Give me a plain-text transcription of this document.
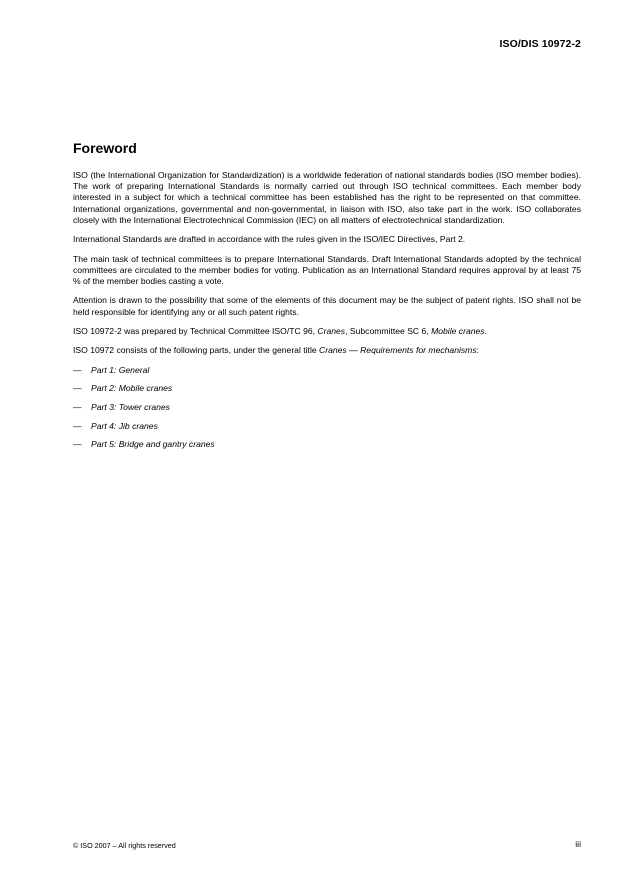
ISO/DIS 10972-2
Foreword

ISO (the International Organization for Standardization) is a worldwide federation of national standards bodies (ISO member bodies). The work of preparing International Standards is normally carried out through ISO technical committees. Each member body interested in a subject for which a technical committee has been established has the right to be represented on that committee. International organizations, governmental and non-governmental, in liaison with ISO, also take part in the work. ISO collaborates closely with the International Electrotechnical Commission (IEC) on all matters of electrotechnical standardization.

International Standards are drafted in accordance with the rules given in the ISO/IEC Directives, Part 2.

The main task of technical committees is to prepare International Standards. Draft International Standards adopted by the technical committees are circulated to the member bodies for voting. Publication as an International Standard requires approval by at least 75 % of the member bodies casting a vote.

Attention is drawn to the possibility that some of the elements of this document may be the subject of patent rights. ISO shall not be held responsible for identifying any or all such patent rights.

ISO 10972-2 was prepared by Technical Committee ISO/TC 96, Cranes, Subcommittee SC 6, Mobile cranes.

ISO 10972 consists of the following parts, under the general title Cranes — Requirements for mechanisms:

—	Part 1: General
—	Part 2: Mobile cranes
—	Part 3: Tower cranes
—	Part 4: Jib cranes
—	Part 5: Bridge and gantry cranes
© ISO 2007 – All rights reserved	iii
